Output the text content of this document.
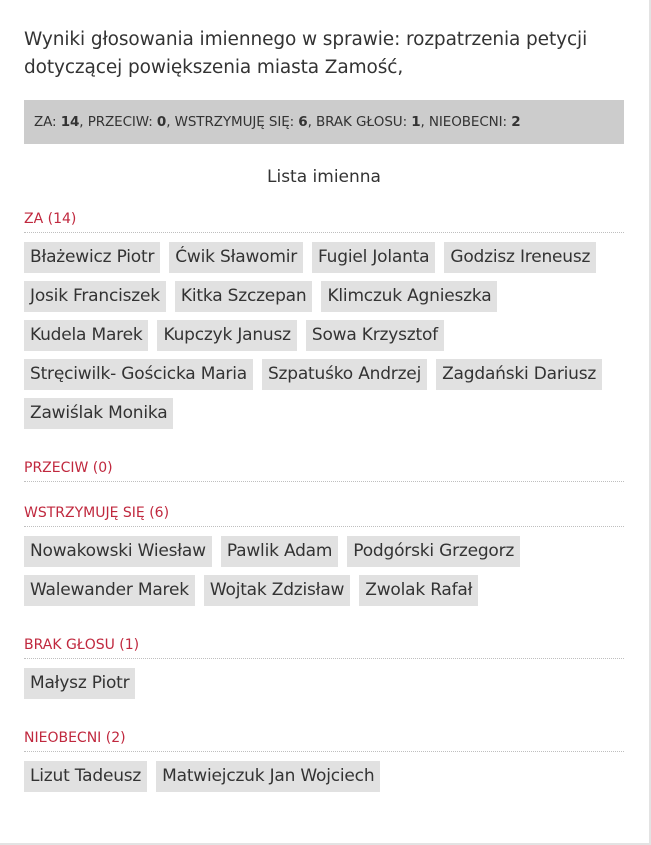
Wyniki głosowania imiennego w sprawie: rozpatrzenia petycji dotyczącej powiększenia miasta Zamość,
ZA:
14 , PRZECIW:
0 , WSTRZYMUJĘ SIĘ:
6 , BRAK GŁOSU:
1 , NIEOBECNI:
2
Lista imienna
ZA (14)
Błażewicz Piotr	Ćwik Sławomir	Fugiel Jolanta	Godzisz Ireneusz
Josik Franciszek	Kitka Szczepan	Klimczuk Agnieszka
Kudela Marek	Kupczyk Janusz	Sowa Krzysztof
Stręciwilk- Gościcka Maria	Szpatuśko Andrzej	Zagdański Dariusz
Zawiślak Monika
PRZECIW (0)
WSTRZYMUJĘ SIĘ (6)
Nowakowski Wiesław	Pawlik Adam	Podgórski Grzegorz
Walewander Marek	Wojtak Zdzisław	Zwolak Rafał
BRAK GŁOSU (1)
Małysz Piotr
NIEOBECNI (2)
Lizut Tadeusz	Matwiejczuk Jan Wojciech
